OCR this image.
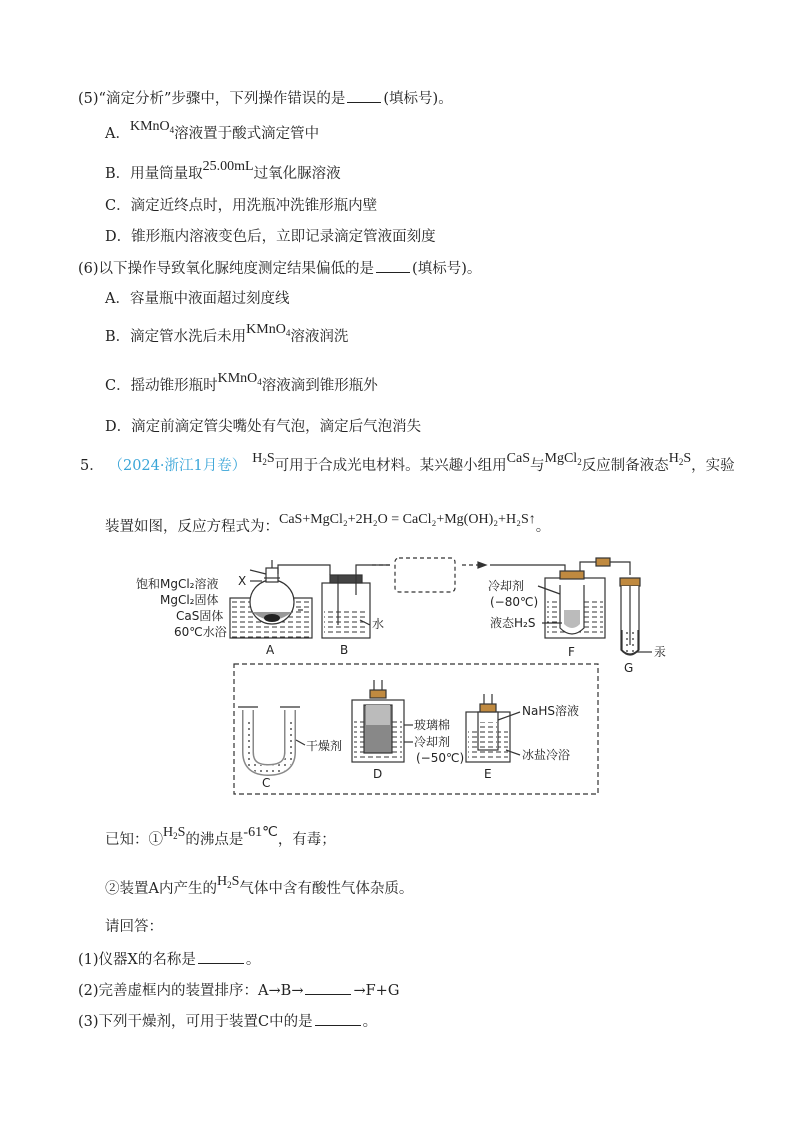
(5)“滴定分析”步骤中，下列操作错误的是	(填标号)。
A．KMnO$_4$溶液置于酸式滴定管中
B．用量筒量取25.00mL过氧化脲溶液
C．滴定近终点时，用洗瓶冲洗锥形瓶内壁
D．锥形瓶内溶液变色后，立即记录滴定管液面刻度
(6)以下操作导致氧化脲纯度测定结果偏低的是	(填标号)。
A．容量瓶中液面超过刻度线
B．滴定管水洗后未用KMnO$_4$溶液润洗
C．摇动锥形瓶时KMnO$_4$溶液滴到锥形瓶外
D．滴定前滴定管尖嘴处有气泡，滴定后气泡消失
5． （2024·浙江1月卷） $H_2S$可用于合成光电材料。某兴趣小组用CaS与MgCl$_2$反应制备液态$H_2S$，实验
装置如图，反应方程式为：CaS+MgCl₂+2H₂O = CaCl₂+Mg(OH)₂+H₂S↑。
饱和MgCl₂溶液
MgCl₂固体
CaS固体
60℃水浴
X
水
冷却剂
(−80℃)
液态H₂S
汞
干燥剂
玻璃棉
冷却剂
(−50℃)
NaHS溶液
冰盐冷浴
A	B
C
D	E
F
G
已知：$①H_2S$的沸点是-61℃，有毒；
②装置A内产生的$H_2S$气体中含有酸性气体杂质。
请回答：
(1)仪器X的名称是	。
(2)完善虚框内的装置排序：A→B→	→F+G
(3)下列干燥剂，可用于装置C中的是	。
